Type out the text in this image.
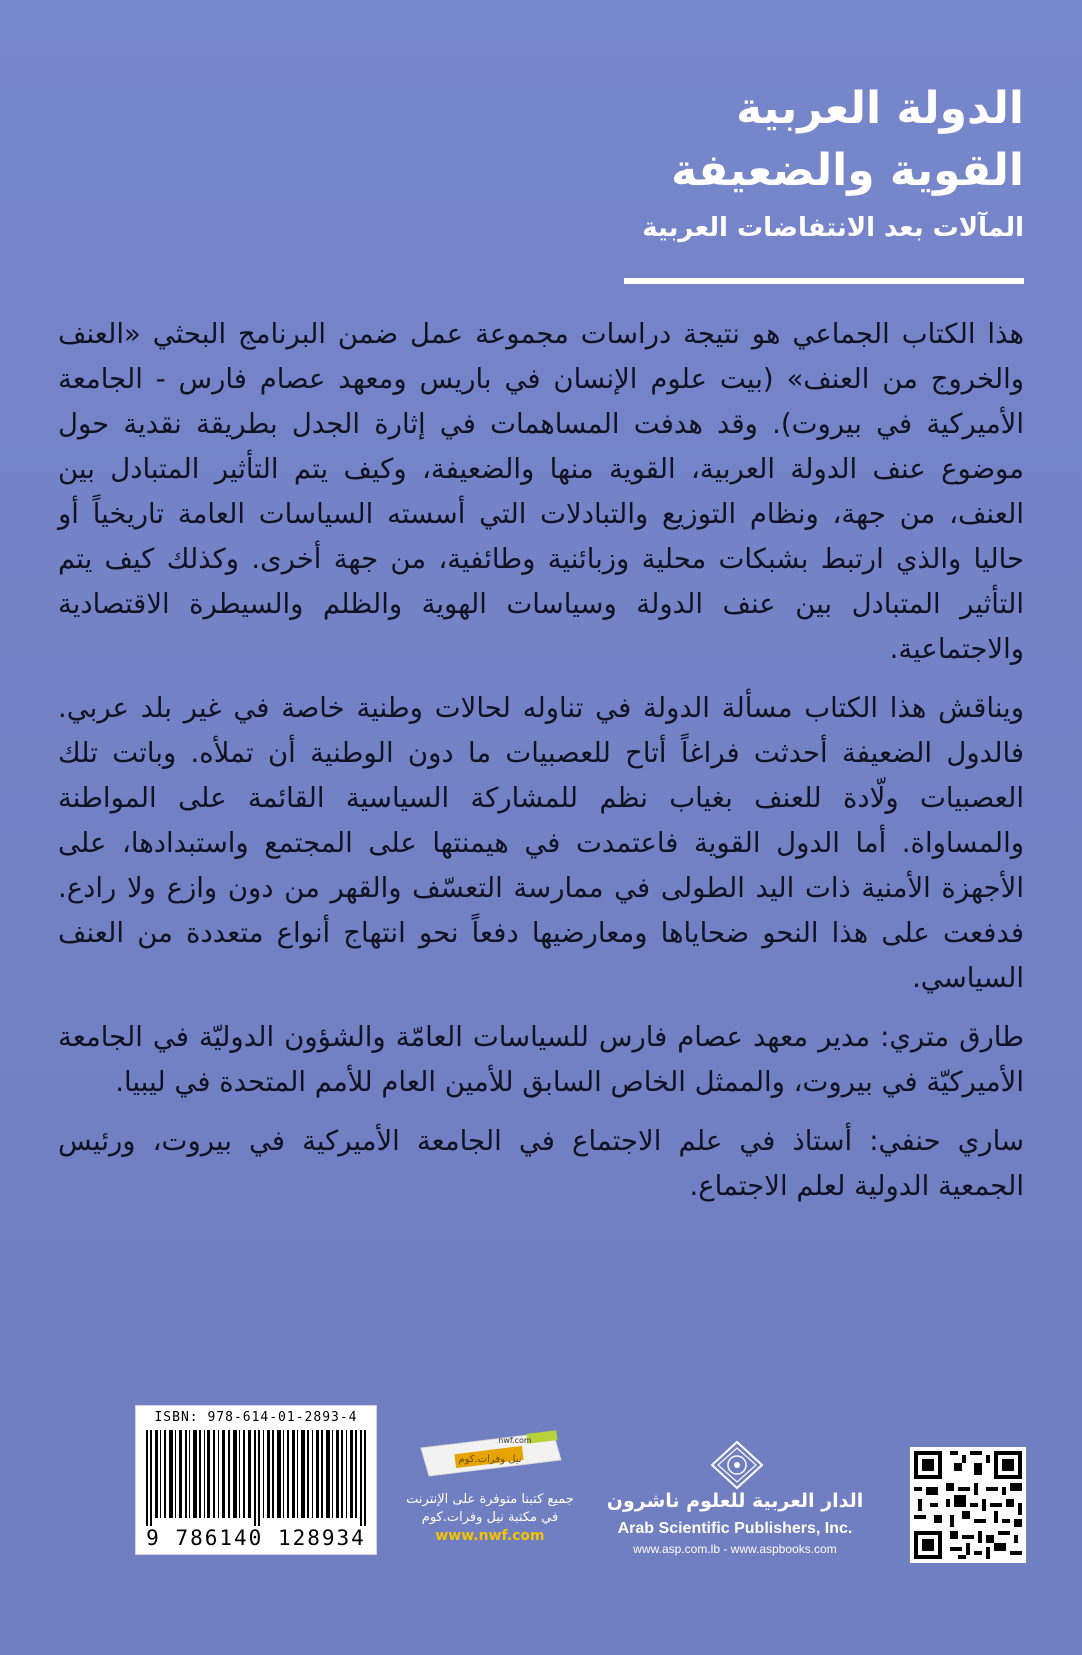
الدولة العربية
القوية والضعيفة
المآلات بعد الانتفاضات العربية

هذا الكتاب الجماعي هو نتيجة دراسات مجموعة عمل ضمن البرنامج البحثي «العنف والخروج من العنف» (بيت علوم الإنسان في باريس ومعهد عصام فارس - الجامعة الأميركية في بيروت). وقد هدفت المساهمات في إثارة الجدل بطريقة نقدية حول موضوع عنف الدولة العربية، القوية منها والضعيفة، وكيف يتم التأثير المتبادل بين العنف، من جهة، ونظام التوزيع والتبادلات التي أسسته السياسات العامة تاريخياً أو حاليا والذي ارتبط بشبكات محلية وزبائنية وطائفية، من جهة أخرى. وكذلك كيف يتم التأثير المتبادل بين عنف الدولة وسياسات الهوية والظلم والسيطرة الاقتصادية والاجتماعية.

ويناقش هذا الكتاب مسألة الدولة في تناوله لحالات وطنية خاصة في غير بلد عربي. فالدول الضعيفة أحدثت فراغاً أتاح للعصبيات ما دون الوطنية أن تملأه. وباتت تلك العصبيات ولّادة للعنف بغياب نظم للمشاركة السياسية القائمة على المواطنة والمساواة. أما الدول القوية فاعتمدت في هيمنتها على المجتمع واستبدادها، على الأجهزة الأمنية ذات اليد الطولى في ممارسة التعسّف والقهر من دون وازع ولا رادع. فدفعت على هذا النحو ضحاياها ومعارضيها دفعاً نحو انتهاج أنواع متعددة من العنف السياسي.

طارق متري: مدير معهد عصام فارس للسياسات العامّة والشؤون الدوليّة في الجامعة الأميركيّة في بيروت، والممثل الخاص السابق للأمين العام للأمم المتحدة في ليبيا.

ساري حنفي: أستاذ في علم الاجتماع في الجامعة الأميركية في بيروت، ورئيس الجمعية الدولية لعلم الاجتماع.

ISBN: 978-614-01-2893-4
9 786140 128934
nwf.com
نيل وفرات.كوم
جميع كتبنا متوفرة على الإنترنت
في مكتبة نيل وفرات.كوم
www.nwf.com
الدار العربية للعلوم ناشرون
Arab Scientific Publishers, Inc.
www.asp.com.lb - www.aspbooks.com
